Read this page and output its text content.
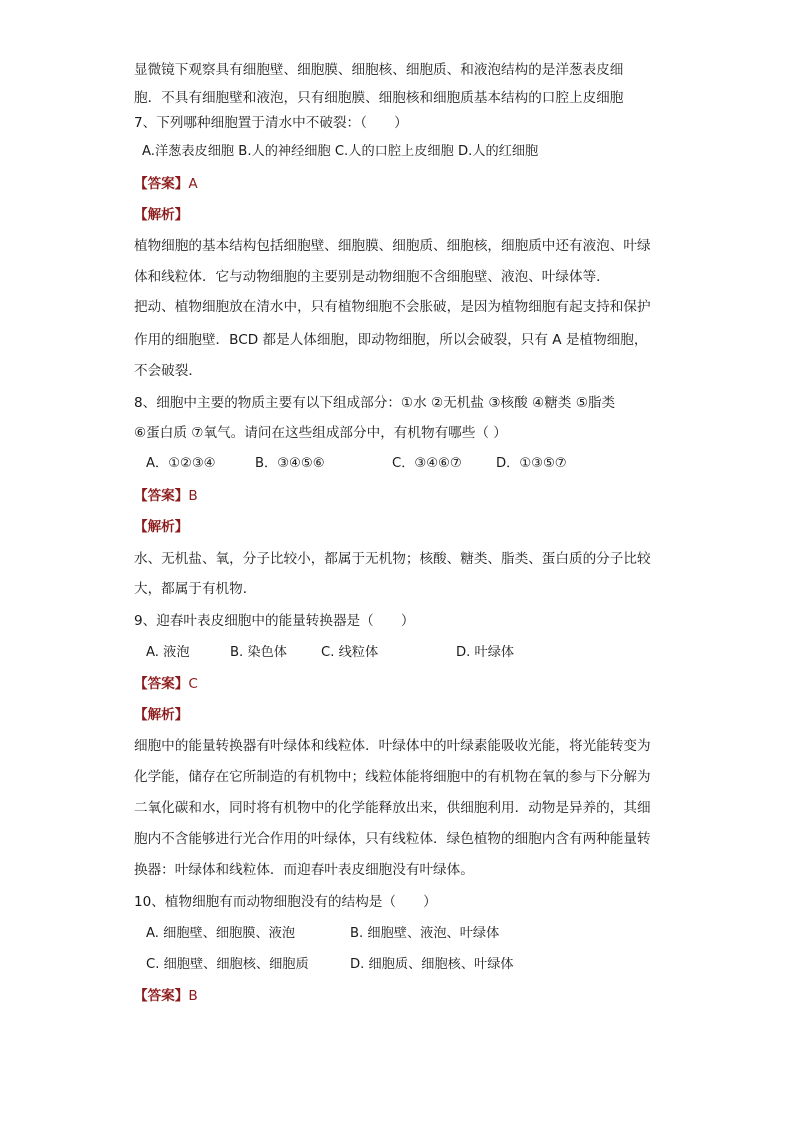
显微镜下观察具有细胞壁、细胞膜、细胞核、细胞质、和液泡结构的是洋葱表皮细
胞．不具有细胞壁和液泡，只有细胞膜、细胞核和细胞质基本结构的口腔上皮细胞
7、下列哪种细胞置于清水中不破裂：（　　）
A.洋葱表皮细胞 B.人的神经细胞 C.人的口腔上皮细胞 D.人的红细胞
【答案】A
【解析】
植物细胞的基本结构包括细胞壁、细胞膜、细胞质、细胞核，细胞质中还有液泡、叶绿
体和线粒体．它与动物细胞的主要别是动物细胞不含细胞壁、液泡、叶绿体等．
把动、植物细胞放在清水中，只有植物细胞不会胀破，是因为植物细胞有起支持和保护
作用的细胞壁．BCD 都是人体细胞，即动物细胞，所以会破裂，只有 A 是植物细胞，
不会破裂．
8、细胞中主要的物质主要有以下组成部分：①水 ②无机盐 ③核酸 ④糖类 ⑤脂类
⑥蛋白质 ⑦氧气。请问在这些组成部分中，有机物有哪些（ ）
A．①②③④	B．③④⑤⑥	C．③④⑥⑦	D．①③⑤⑦
【答案】B
【解析】
水、无机盐、氧，分子比较小，都属于无机物；核酸、糖类、脂类、蛋白质的分子比较
大，都属于有机物．
9、迎春叶表皮细胞中的能量转换器是（　　）
A. 液泡	B. 染色体	C. 线粒体	D. 叶绿体
【答案】C
【解析】
细胞中的能量转换器有叶绿体和线粒体．叶绿体中的叶绿素能吸收光能，将光能转变为
化学能，储存在它所制造的有机物中；线粒体能将细胞中的有机物在氧的参与下分解为
二氧化碳和水，同时将有机物中的化学能释放出来，供细胞利用．动物是异养的，其细
胞内不含能够进行光合作用的叶绿体，只有线粒体．绿色植物的细胞内含有两种能量转
换器：叶绿体和线粒体．而迎春叶表皮细胞没有叶绿体。
10、植物细胞有而动物细胞没有的结构是（　　）
A. 细胞壁、细胞膜、液泡	B. 细胞壁、液泡、叶绿体
C. 细胞壁、细胞核、细胞质	D. 细胞质、细胞核、叶绿体
【答案】B
